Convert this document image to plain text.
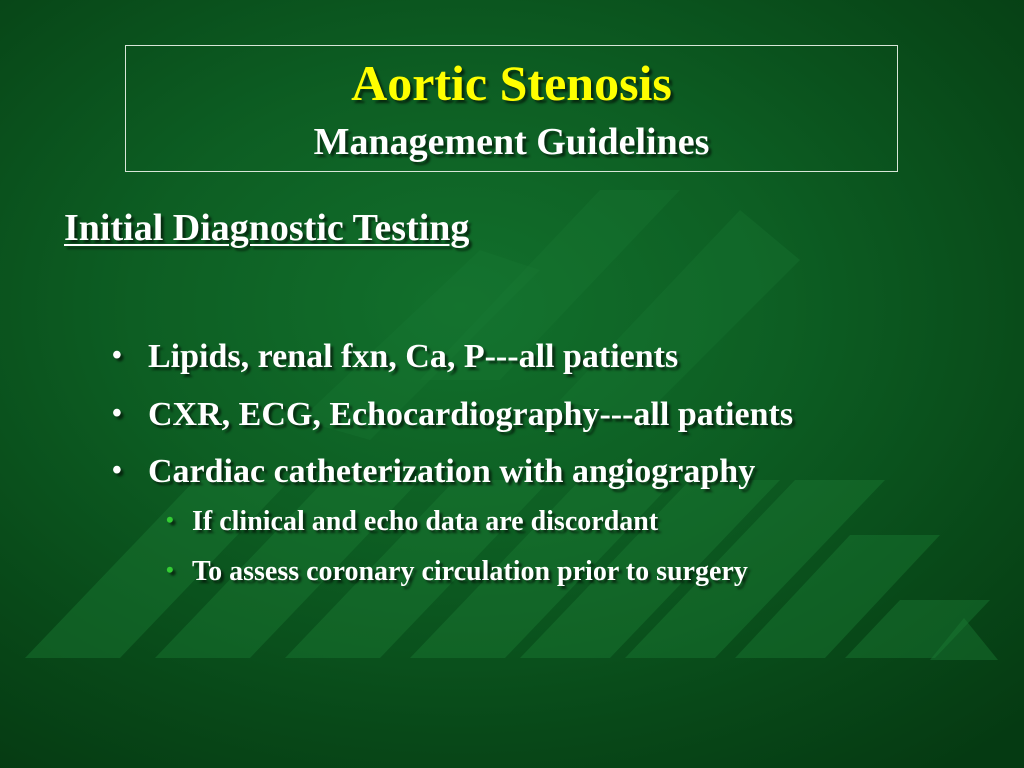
Aortic Stenosis
Management Guidelines
Initial Diagnostic Testing
• Lipids, renal fxn, Ca, P---all patients
• CXR, ECG, Echocardiography---all patients
• Cardiac catheterization with angiography
• If clinical and echo data are discordant
• To assess coronary circulation prior to surgery
